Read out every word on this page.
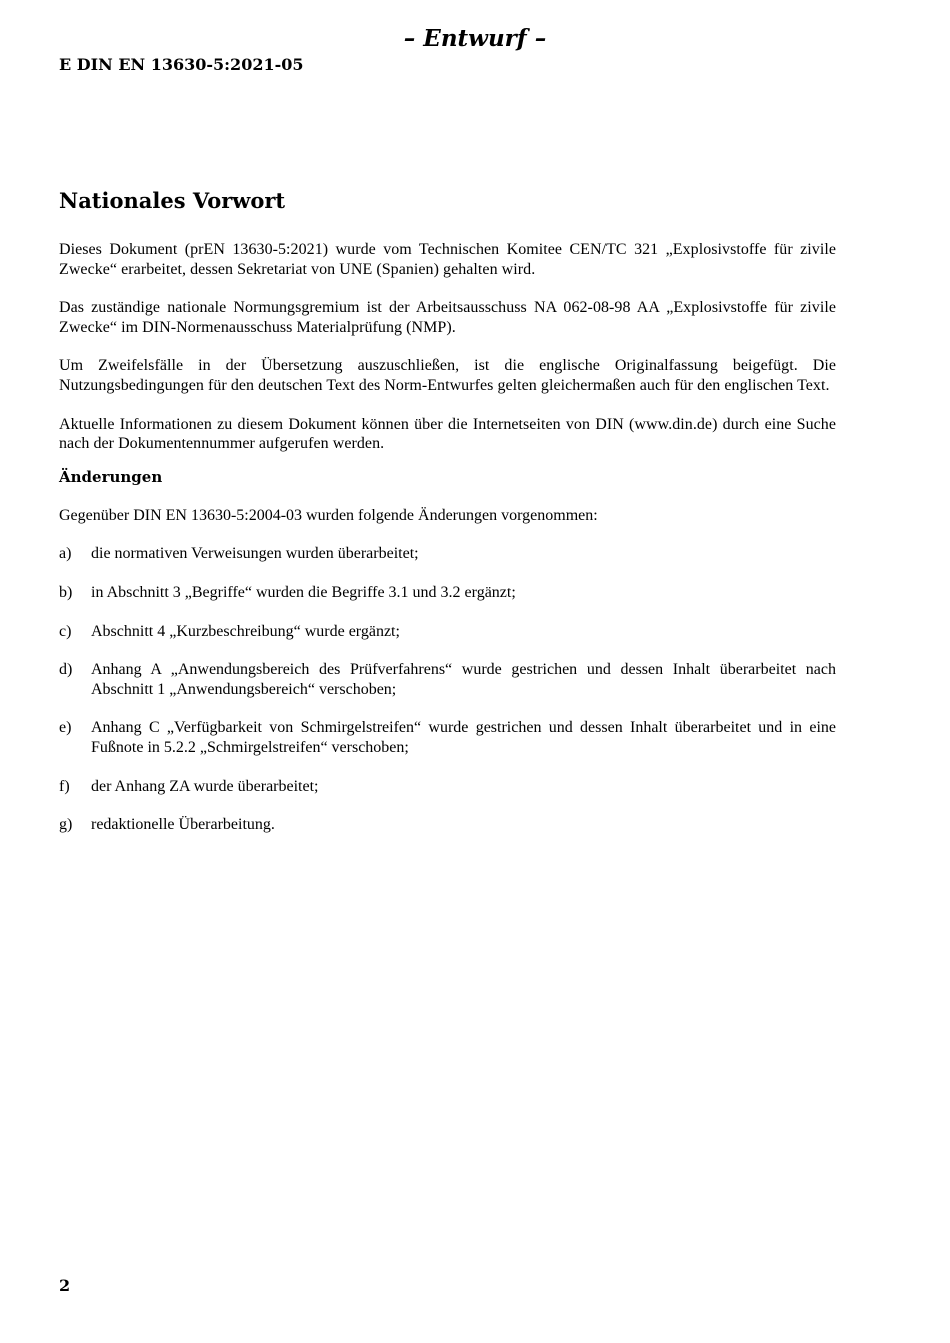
– Entwurf –
E DIN EN 13630-5:2021-05
Nationales Vorwort

Dieses Dokument (prEN 13630-5:2021) wurde vom Technischen Komitee CEN/TC 321 „Explosivstoffe für zivile Zwecke“ erarbeitet, dessen Sekretariat von UNE (Spanien) gehalten wird.

Das zuständige nationale Normungsgremium ist der Arbeitsausschuss NA 062-08-98 AA „Explosivstoffe für zivile Zwecke“ im DIN-Normenausschuss Materialprüfung (NMP).

Um Zweifelsfälle in der Übersetzung auszuschließen, ist die englische Originalfassung beigefügt. Die Nutzungsbedingungen für den deutschen Text des Norm-Entwurfes gelten gleichermaßen auch für den englischen Text.

Aktuelle Informationen zu diesem Dokument können über die Internetseiten von DIN (www.din.de) durch eine Suche nach der Dokumentennummer aufgerufen werden.

Änderungen

Gegenüber DIN EN 13630-5:2004-03 wurden folgende Änderungen vorgenommen:

a)	die normativen Verweisungen wurden überarbeitet;
b)	in Abschnitt 3 „Begriffe“ wurden die Begriffe 3.1 und 3.2 ergänzt;
c)	Abschnitt 4 „Kurzbeschreibung“ wurde ergänzt;
d)	Anhang A „Anwendungsbereich des Prüfverfahrens“ wurde gestrichen und dessen Inhalt überarbeitet nach Abschnitt 1 „Anwendungsbereich“ verschoben;
e)	Anhang C „Verfügbarkeit von Schmirgelstreifen“ wurde gestrichen und dessen Inhalt überarbeitet und in eine Fußnote in 5.2.2 „Schmirgelstreifen“ verschoben;
f)	der Anhang ZA wurde überarbeitet;
g)	redaktionelle Überarbeitung.
2
